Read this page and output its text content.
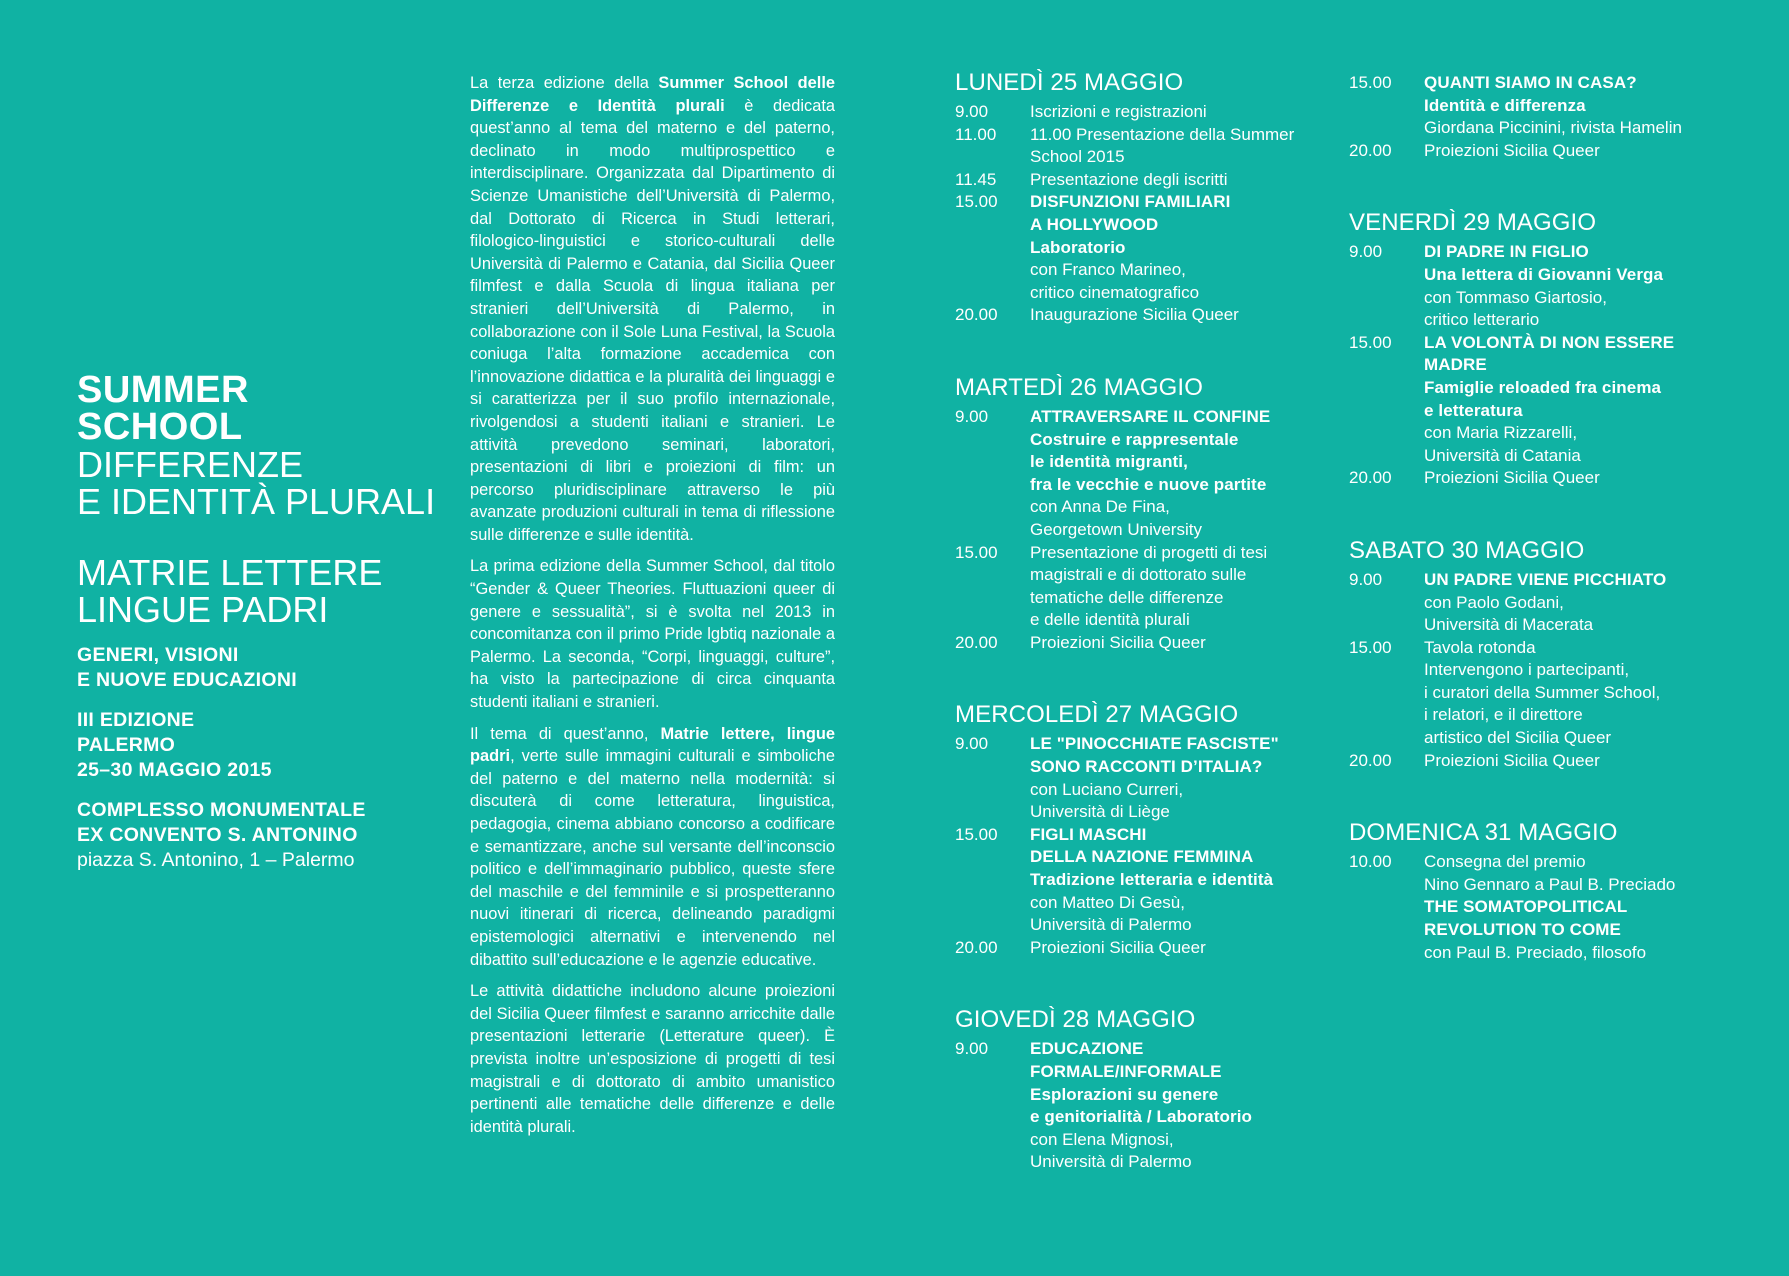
SUMMER
SCHOOL
DIFFERENZE
E IDENTITÀ PLURALI
MATRIE LETTERE
LINGUE PADRI
GENERI, VISIONI
E NUOVE EDUCAZIONI
III EDIZIONE
PALERMO
25–30 MAGGIO 2015
COMPLESSO MONUMENTALE
EX CONVENTO S. ANTONINO
piazza S. Antonino, 1 – Palermo

La terza edizione della Summer School delle Differenze e Identità plurali è dedicata quest’anno al tema del materno e del paterno, declinato in modo multiprospettico e interdisciplinare. Organizzata dal Dipartimento di Scienze Umanistiche dell’Università di Palermo, dal Dottorato di Ricerca in Studi letterari, filologico-linguistici e storico-culturali delle Università di Palermo e Catania, dal Sicilia Queer filmfest e dalla Scuola di lingua italiana per stranieri dell’Università di Palermo, in collaborazione con il Sole Luna Festival, la Scuola coniuga l’alta formazione accademica con l’innovazione didattica e la pluralità dei linguaggi e si caratterizza per il suo profilo internazionale, rivolgendosi a studenti italiani e stranieri. Le attività prevedono seminari, laboratori, presentazioni di libri e proiezioni di film: un percorso pluridisciplinare attraverso le più avanzate produzioni culturali in tema di riflessione sulle differenze e sulle identità.

La prima edizione della Summer School, dal titolo “Gender & Queer Theories. Fluttuazioni queer di genere e sessualità”, si è svolta nel 2013 in concomitanza con il primo Pride lgbtiq nazionale a Palermo. La seconda, “Corpi, linguaggi, culture”, ha visto la partecipazione di circa cinquanta studenti italiani e stranieri.

Il tema di quest’anno, Matrie lettere, lingue padri, verte sulle immagini culturali e simboliche del paterno e del materno nella modernità: si discuterà di come letteratura, linguistica, pedagogia, cinema abbiano concorso a codificare e semantizzare, anche sul versante dell’inconscio politico e dell’immaginario pubblico, queste sfere del maschile e del femminile e si prospetteranno nuovi itinerari di ricerca, delineando paradigmi epistemologici alternativi e intervenendo nel dibattito sull’educazione e le agenzie educative.

Le attività didattiche includono alcune proiezioni del Sicilia Queer filmfest e saranno arricchite dalle presentazioni letterarie (Letterature queer). È prevista inoltre un’esposizione di progetti di tesi magistrali e di dottorato di ambito umanistico pertinenti alle tematiche delle differenze e delle identità plurali.

LUNEDÌ 25 MAGGIO
9.00	Iscrizioni e registrazioni
11.00	11.00 Presentazione della Summer
School 2015
11.45	Presentazione degli iscritti
15.00	DISFUNZIONI FAMILIARI
A HOLLYWOOD
Laboratorio
con Franco Marineo,
critico cinematografico
20.00	Inaugurazione Sicilia Queer
MARTEDÌ 26 MAGGIO
9.00	ATTRAVERSARE IL CONFINE
Costruire e rappresentale
le identità migranti,
fra le vecchie e nuove partite
con Anna De Fina,
Georgetown University
15.00	Presentazione di progetti di tesi
magistrali e di dottorato sulle
tematiche delle differenze
e delle identità plurali
20.00	Proiezioni Sicilia Queer
MERCOLEDÌ 27 MAGGIO
9.00	LE "PINOCCHIATE FASCISTE"
SONO RACCONTI D’ITALIA?
con Luciano Curreri,
Università di Liège
15.00	FIGLI MASCHI
DELLA NAZIONE FEMMINA
Tradizione letteraria e identità
con Matteo Di Gesù,
Università di Palermo
20.00	Proiezioni Sicilia Queer
GIOVEDÌ 28 MAGGIO
9.00	EDUCAZIONE
FORMALE/INFORMALE
Esplorazioni su genere
e genitorialità / Laboratorio
con Elena Mignosi,
Università di Palermo
15.00	QUANTI SIAMO IN CASA?
Identità e differenza
Giordana Piccinini, rivista Hamelin
20.00	Proiezioni Sicilia Queer
VENERDÌ 29 MAGGIO
9.00	DI PADRE IN FIGLIO
Una lettera di Giovanni Verga
con Tommaso Giartosio,
critico letterario
15.00	LA VOLONTÀ DI NON ESSERE
MADRE
Famiglie reloaded fra cinema
e letteratura
con Maria Rizzarelli,
Università di Catania
20.00	Proiezioni Sicilia Queer
SABATO 30 MAGGIO
9.00	UN PADRE VIENE PICCHIATO
con Paolo Godani,
Università di Macerata
15.00	Tavola rotonda
Intervengono i partecipanti,
i curatori della Summer School,
i relatori, e il direttore
artistico del Sicilia Queer
20.00	Proiezioni Sicilia Queer
DOMENICA 31 MAGGIO
10.00	Consegna del premio
Nino Gennaro a Paul B. Preciado
THE SOMATOPOLITICAL
REVOLUTION TO COME
con Paul B. Preciado, filosofo
